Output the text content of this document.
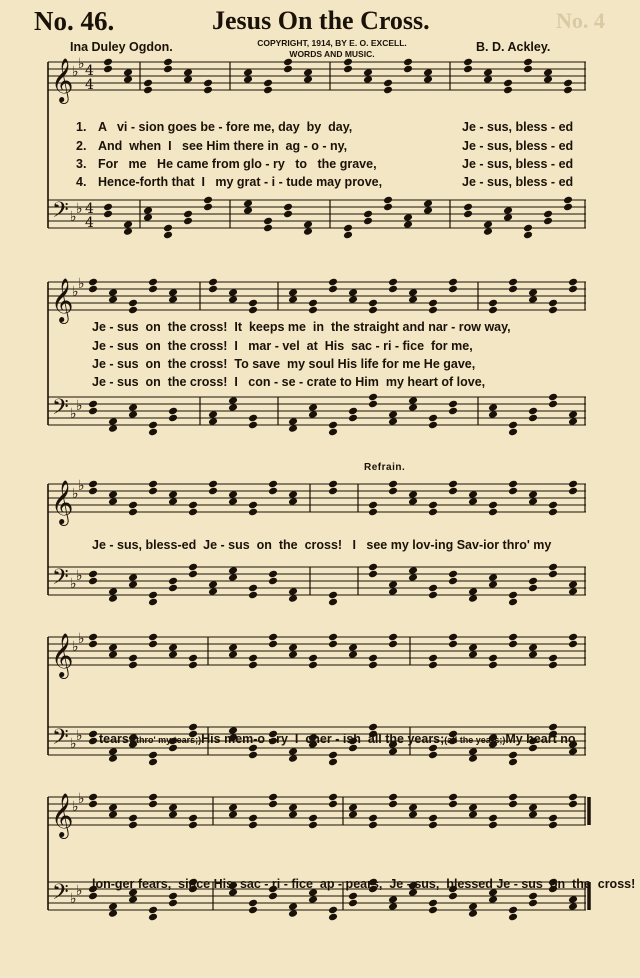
No. 46.	Jesus On the Cross.	No. 4
Ina Duley Ogdon.	B. D. Ackley.
COPYRIGHT, 1914, BY E. O. EXCELL.
WORDS AND MUSIC.
𝄞
𝄢
♭ ♭
♭ ♭
4
4
4
4
𝄞
𝄢
♭ ♭
♭ ♭
𝄞
𝄢
♭ ♭
♭ ♭
𝄞
𝄢
♭ ♭
♭ ♭
𝄞
𝄢
♭ ♭
♭ ♭
1. A   vi - sion goes be - fore me, day  by  day,	Je - sus, bless - ed
2. And  when  I   see Him there in  ag - o - ny,	Je - sus, bless - ed
3. For   me   He came from glo - ry   to   the grave,	Je - sus, bless - ed
4. Hence-forth that  I   my grat - i - tude may prove,	Je - sus, bless - ed
Je - sus  on  the cross!  It  keeps me  in  the straight and nar - row way,
Je - sus  on  the cross!  I   mar - vel  at  His  sac - ri - fice  for me,
Je - sus  on  the cross!  To save  my soul His life for me He gave,
Je - sus  on  the cross!  I   con - se - crate to Him  my heart of love,
Refrain.
Je - sus, bless-ed  Je - sus  on  the  cross!   I   see my lov-ing Sav-ior thro' my

tears;(thro' my tears;)His mem-o - ry  I  cher - ish  all the years;(all the years;)My heart no

lon-ger fears,  since His  sac - ri - fice  ap - pears,  Je - sus,  blessed Je - sus  on  the  cross!
